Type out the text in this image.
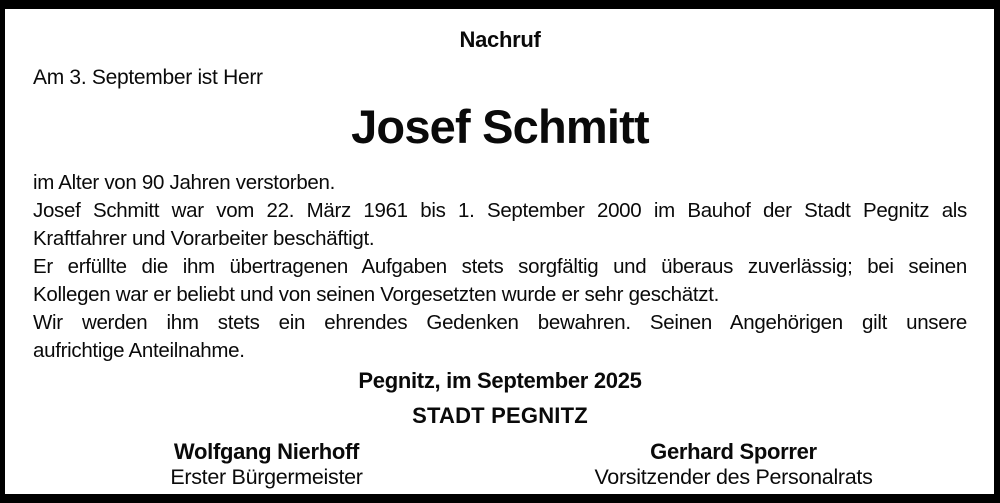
Nachruf
Am 3. September ist Herr
Josef Schmitt
im Alter von 90 Jahren verstorben.
Josef Schmitt war vom 22. März 1961 bis 1. September 2000 im Bauhof der Stadt Pegnitz als
Kraftfahrer und Vorarbeiter beschäftigt.
Er erfüllte die ihm übertragenen Aufgaben stets sorgfältig und überaus zuverlässig; bei seinen
Kollegen war er beliebt und von seinen Vorgesetzten wurde er sehr geschätzt.
Wir werden ihm stets ein ehrendes Gedenken bewahren. Seinen Angehörigen gilt unsere
aufrichtige Anteilnahme.
Pegnitz, im September 2025
STADT PEGNITZ
Wolfgang Nierhoff
Erster Bürgermeister
Gerhard Sporrer
Vorsitzender des Personalrats
